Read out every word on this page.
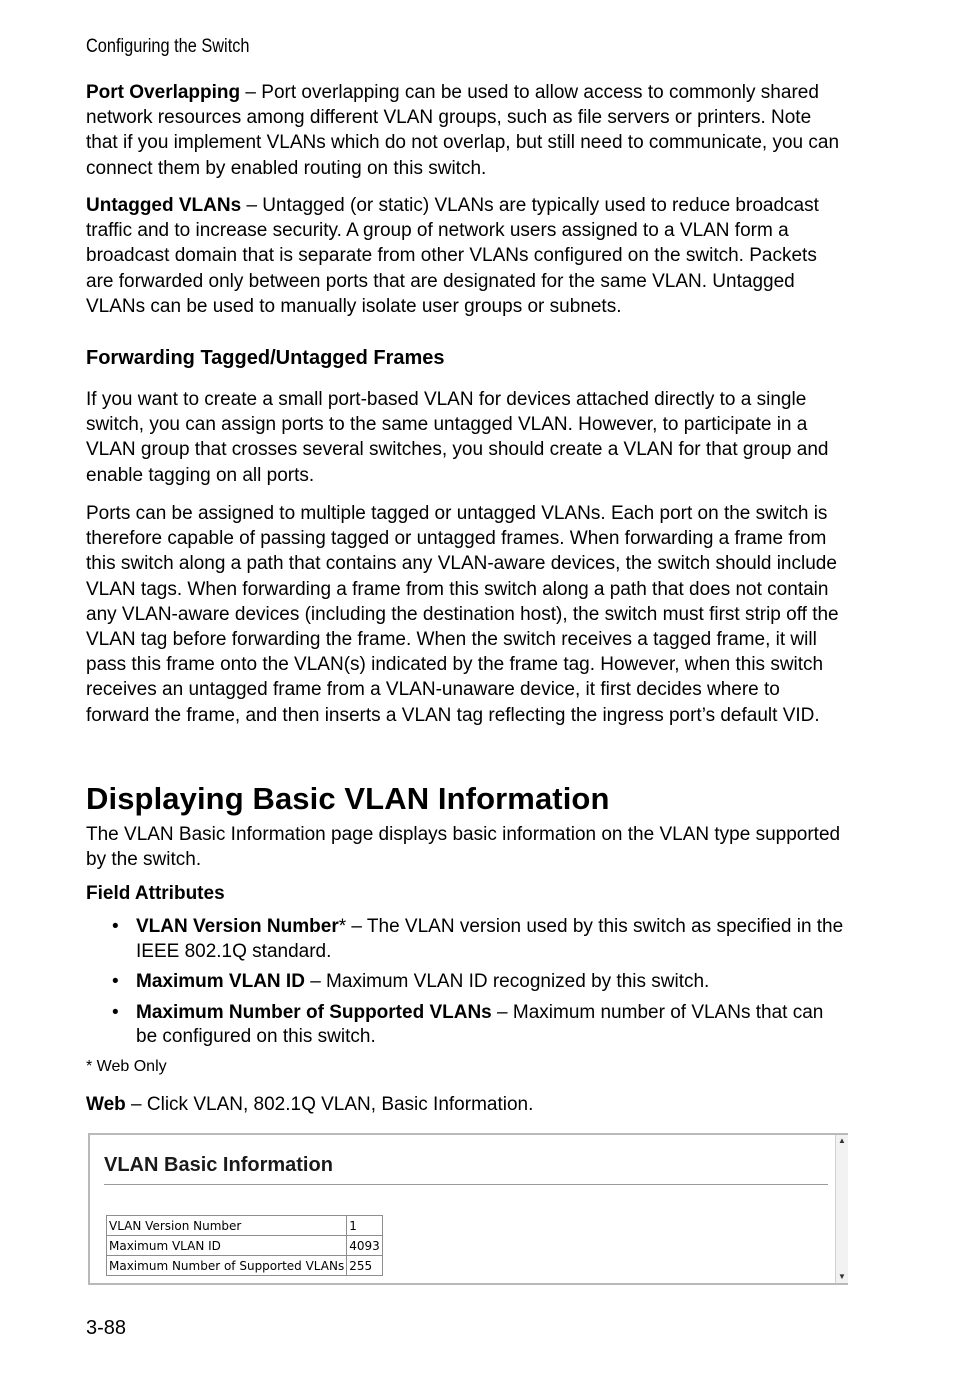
Configuring the Switch

Port Overlapping – Port overlapping can be used to allow access to commonly shared network resources among different VLAN groups, such as file servers or printers. Note that if you implement VLANs which do not overlap, but still need to communicate, you can connect them by enabled routing on this switch.

Untagged VLANs – Untagged (or static) VLANs are typically used to reduce broadcast traffic and to increase security. A group of network users assigned to a VLAN form a broadcast domain that is separate from other VLANs configured on the switch. Packets are forwarded only between ports that are designated for the same VLAN. Untagged VLANs can be used to manually isolate user groups or subnets.

Forwarding Tagged/Untagged Frames

If you want to create a small port-based VLAN for devices attached directly to a single switch, you can assign ports to the same untagged VLAN. However, to participate in a VLAN group that crosses several switches, you should create a VLAN for that group and enable tagging on all ports.

Ports can be assigned to multiple tagged or untagged VLANs. Each port on the switch is therefore capable of passing tagged or untagged frames. When forwarding a frame from this switch along a path that contains any VLAN-aware devices, the switch should include VLAN tags. When forwarding a frame from this switch along a path that does not contain any VLAN-aware devices (including the destination host), the switch must first strip off the VLAN tag before forwarding the frame. When the switch receives a tagged frame, it will pass this frame onto the VLAN(s) indicated by the frame tag. However, when this switch receives an untagged frame from a VLAN-unaware device, it first decides where to forward the frame, and then inserts a VLAN tag reflecting the ingress port’s default VID.

Displaying Basic VLAN Information

The VLAN Basic Information page displays basic information on the VLAN type supported by the switch.

Field Attributes
• VLAN Version Number* – The VLAN version used by this switch as specified in the IEEE 802.1Q standard.
• Maximum VLAN ID – Maximum VLAN ID recognized by this switch.
• Maximum Number of Supported VLANs – Maximum number of VLANs that can be configured on this switch.
* Web Only
Web – Click VLAN, 802.1Q VLAN, Basic Information.
VLAN Basic Information
VLAN Version Number	1
Maximum VLAN ID	4093
Maximum Number of Supported VLANs	255
▲
▼
3-88
